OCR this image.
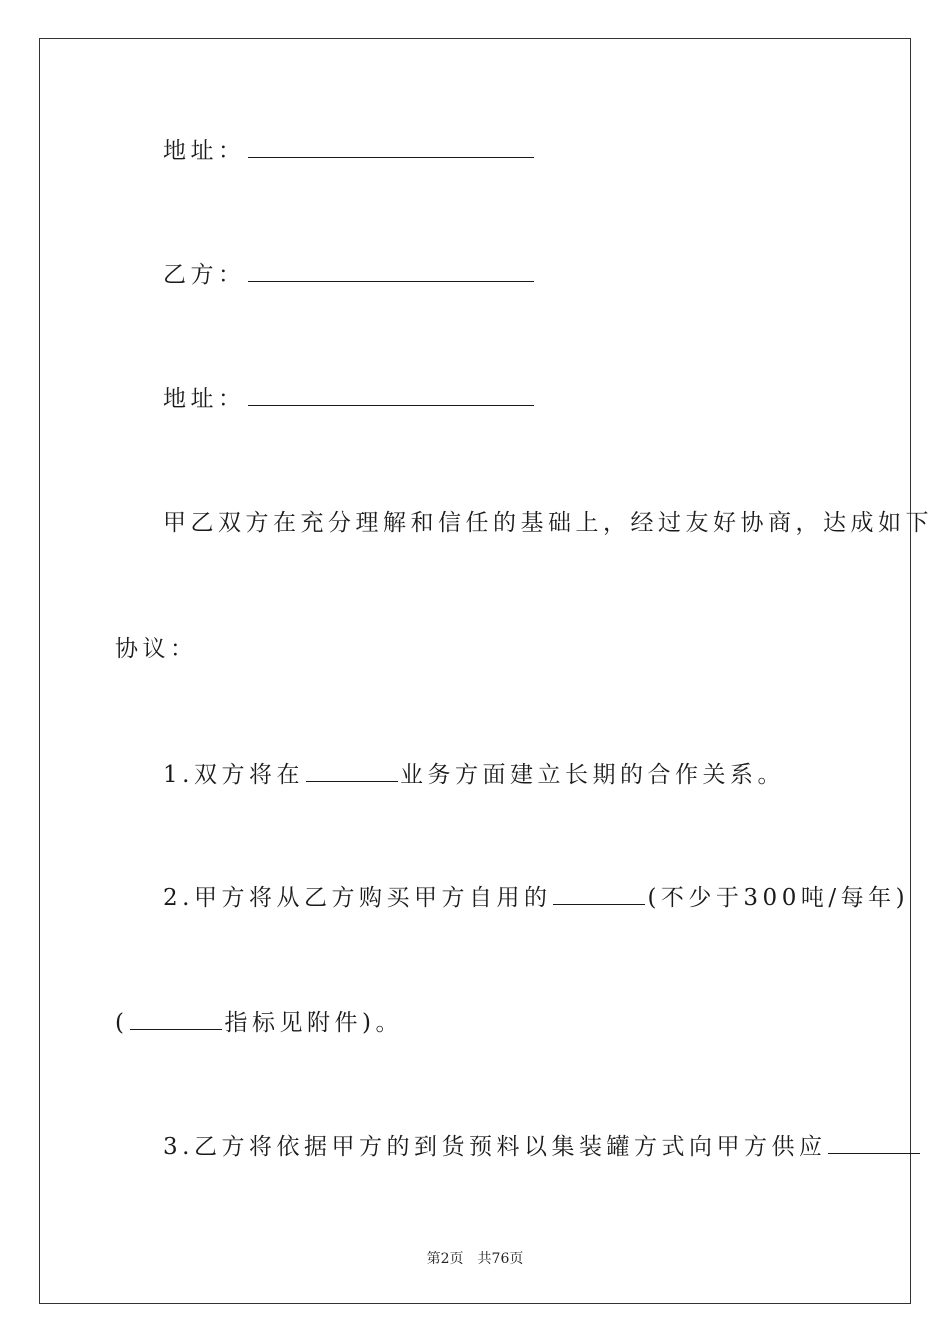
地址：
乙方：
地址：
甲乙双方在充分理解和信任的基础上，经过友好协商，达成如下
协议：
1.双方将在	业务方面建立长期的合作关系。
2.甲方将从乙方购买甲方自用的	(不少于300吨/每年)
(	指标见附件)。
3.乙方将依据甲方的到货预料以集装罐方式向甲方供应
第2页 共76页
